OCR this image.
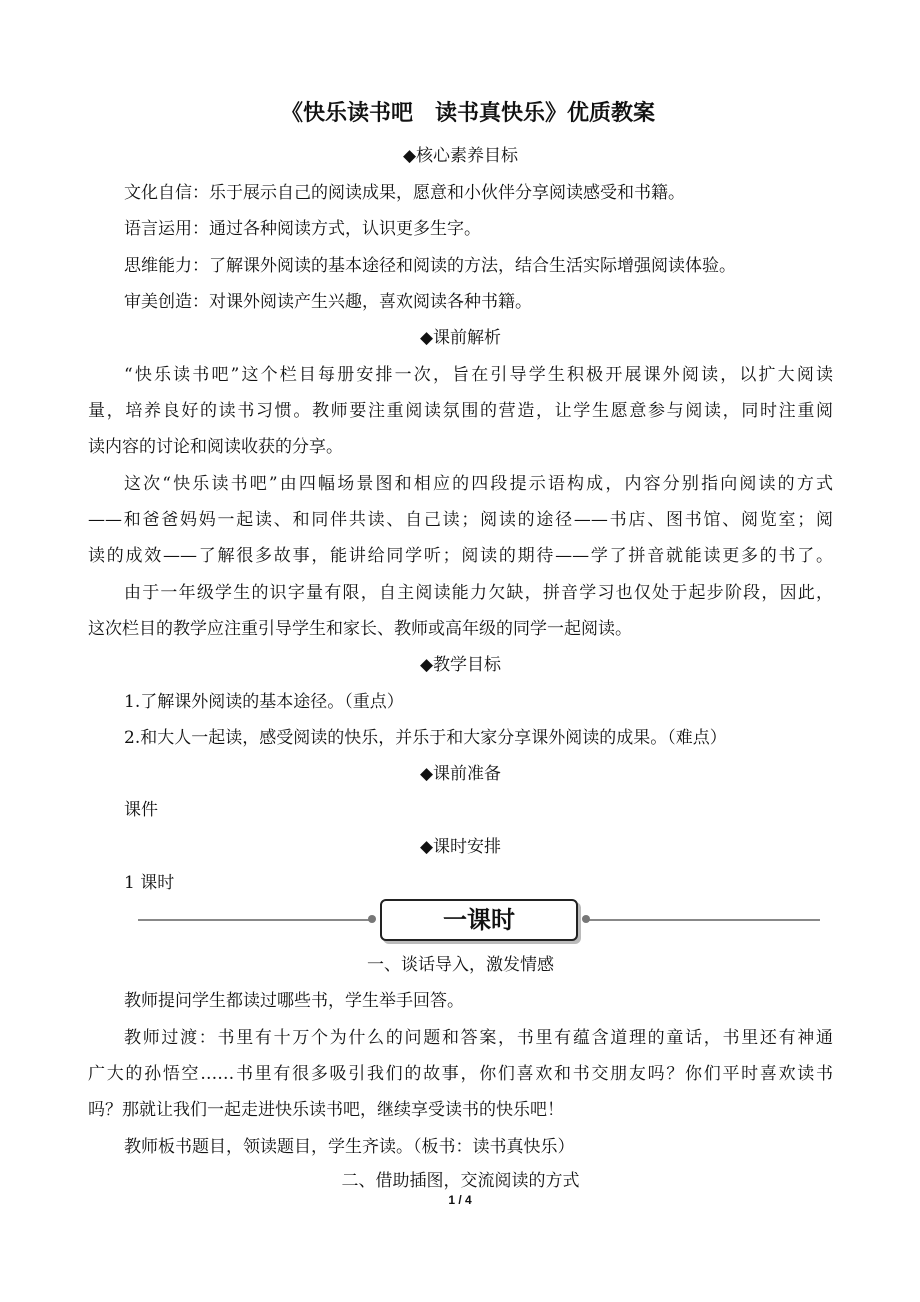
《快乐读书吧　读书真快乐》优质教案
◆核心素养目标
文化自信：乐于展示自己的阅读成果，愿意和小伙伴分享阅读感受和书籍。
语言运用：通过各种阅读方式，认识更多生字。
思维能力：了解课外阅读的基本途径和阅读的方法，结合生活实际增强阅读体验。
审美创造：对课外阅读产生兴趣，喜欢阅读各种书籍。
◆课前解析
“快乐读书吧”这个栏目每册安排一次，旨在引导学生积极开展课外阅读，以扩大阅读
量，培养良好的读书习惯。教师要注重阅读氛围的营造，让学生愿意参与阅读，同时注重阅
读内容的讨论和阅读收获的分享。
这次“快乐读书吧”由四幅场景图和相应的四段提示语构成，内容分别指向阅读的方式
——和爸爸妈妈一起读、和同伴共读、自己读；阅读的途径——书店、图书馆、阅览室；阅
读的成效——了解很多故事，能讲给同学听；阅读的期待——学了拼音就能读更多的书了。
由于一年级学生的识字量有限，自主阅读能力欠缺，拼音学习也仅处于起步阶段，因此，
这次栏目的教学应注重引导学生和家长、教师或高年级的同学一起阅读。
◆教学目标
1.了解课外阅读的基本途径。（重点）
2.和大人一起读，感受阅读的快乐，并乐于和大家分享课外阅读的成果。（难点）
◆课前准备
课件
◆课时安排
1 课时
一课时
一、谈话导入，激发情感
教师提问学生都读过哪些书，学生举手回答。
教师过渡：书里有十万个为什么的问题和答案，书里有蕴含道理的童话，书里还有神通
广大的孙悟空……书里有很多吸引我们的故事，你们喜欢和书交朋友吗？你们平时喜欢读书
吗？那就让我们一起走进快乐读书吧，继续享受读书的快乐吧！
教师板书题目，领读题目，学生齐读。（板书：读书真快乐）
二、借助插图，交流阅读的方式
1 / 4
